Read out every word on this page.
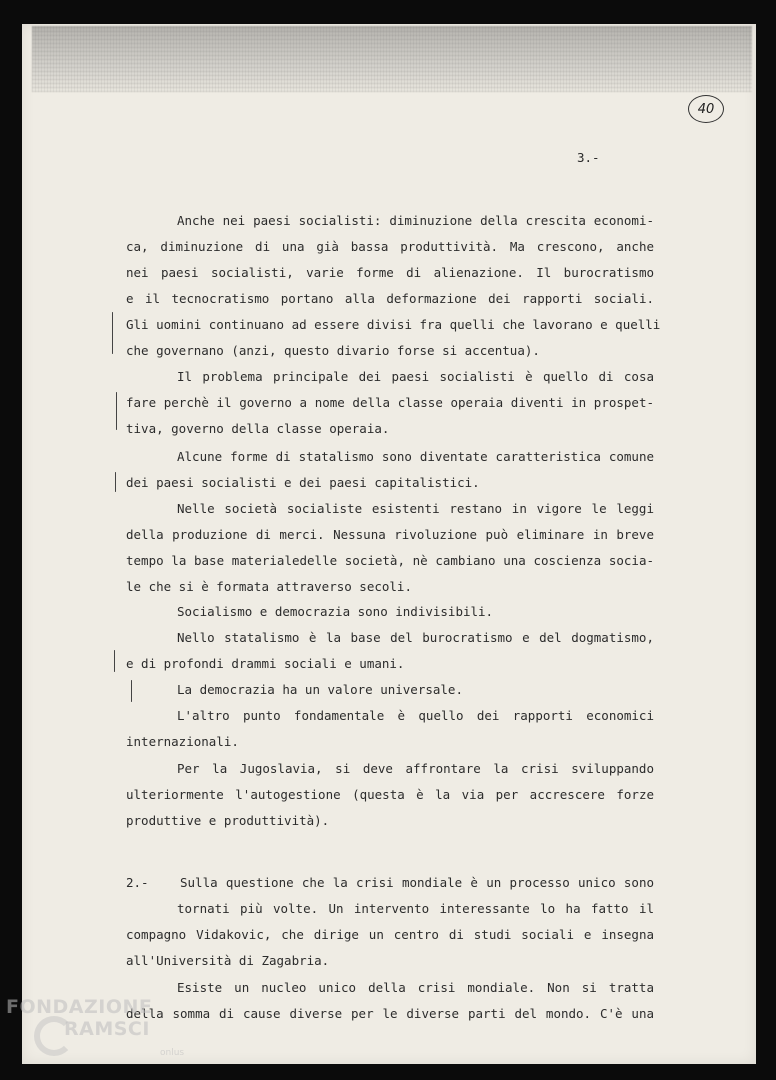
40
3.-
Anche nei paesi socialisti: diminuzione della crescita economi-
ca, diminuzione di una già bassa produttività. Ma crescono, anche
nei paesi socialisti, varie forme di alienazione. Il burocratismo
e il tecnocratismo portano alla deformazione dei rapporti sociali.
Gli uomini continuano ad essere divisi fra quelli che lavorano e quelli
che governano (anzi, questo divario forse si accentua).
Il problema principale dei paesi socialisti è quello di cosa
fare perchè il governo a nome della classe operaia diventi in prospet-
tiva, governo della classe operaia.
Alcune forme di statalismo sono diventate caratteristica comune
dei paesi socialisti e dei paesi capitalistici.
Nelle società socialiste esistenti restano in vigore le leggi
della produzione di merci. Nessuna rivoluzione può eliminare in breve
tempo la base materialedelle società, nè cambiano una coscienza socia-
le che si è formata attraverso secoli.
Socialismo e democrazia sono indivisibili.
Nello statalismo è la base del burocratismo e del dogmatismo,
e di profondi drammi sociali e umani.
La democrazia ha un valore universale.
L'altro punto fondamentale è quello dei rapporti economici
internazionali.
Per la Jugoslavia, si deve affrontare la crisi sviluppando
ulteriormente l'autogestione (questa è la via per accrescere forze
produttive e produttività).
2.-	Sulla questione che la crisi mondiale è un processo unico sono
tornati più volte. Un intervento interessante lo ha fatto il
compagno Vidakovic, che dirige un centro di studi sociali e insegna
all'Università di Zagabria.
Esiste un nucleo unico della crisi mondiale. Non si tratta
della somma di cause diverse per le diverse parti del mondo. C'è una
FONDAZIONE
RAMSCI
onlus
